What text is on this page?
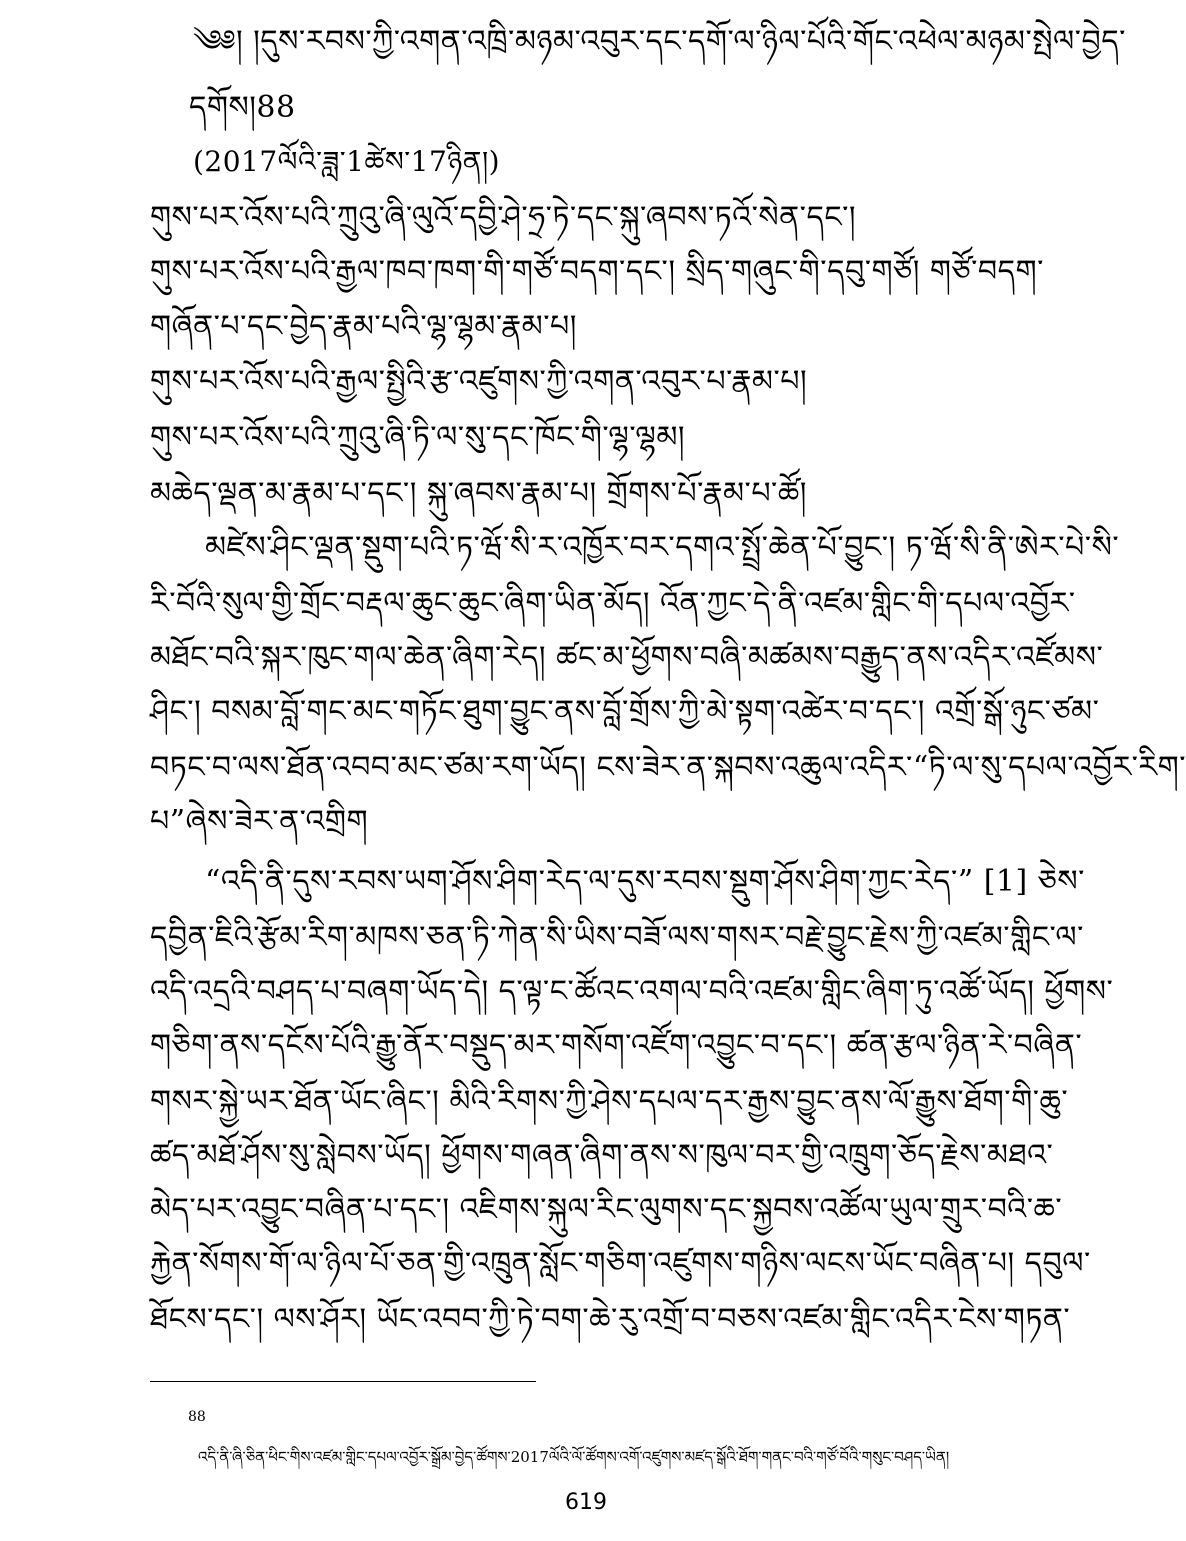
༄༅། །དུས་རབས་ཀྱི་འགན་འཁྲི་མཉམ་འབུར་དང་དགོ་ལ་ཉིལ་པོའི་གོང་འཕེལ་མཉམ་སྤེལ་བྱེད་
དགོས།88
(2017ལོའི་ཟླ་1ཚེས་17ཉིན།)
གུས་པར་འོས་པའི་ཀྲུའུ་ཞི་ལུའོ་དབྱི་ཤེ་ཧྲ་ཏེ་དང་སྐུ་ཞབས་ཏའོ་སེན་དང་།
གུས་པར་འོས་པའི་རྒྱལ་ཁབ་ཁག་གི་གཙོ་བདག་དང་། སྲིད་གཞུང་གི་དབུ་གཙོ། གཙོ་བདག་
གཞོན་པ་དང་བྱེད་རྣམ་པའི་ལྷ་ལྷམ་རྣམ་པ།
གུས་པར་འོས་པའི་རྒྱལ་སྤྱིའི་རྩ་འཛུགས་ཀྱི་འགན་འབུར་པ་རྣམ་པ།
གུས་པར་འོས་པའི་ཀྲུའུ་ཞི་ཏི་ལ་སུ་དང་ཁོང་གི་ལྷ་ལྷམ།
མཆེད་ལྡན་མ་རྣམ་པ་དང་། སྐུ་ཞབས་རྣམ་པ། གྲོགས་པོ་རྣམ་པ་ཚོ།
མཛེས་ཤིང་ལྡན་སྡུག་པའི་ཏ་ཝོ་སི་ར་འཁྱོར་བར་དགའ་སྤྲོ་ཆེན་པོ་བྱུང་། ཏ་ཝོ་སི་ནི་ཨེར་པེ་སི་
རི་བོའི་སུལ་གྱི་གྲོང་བརྡལ་ཆུང་ཆུང་ཞིག་ཡིན་མོད། འོན་ཀྱང་དེ་ནི་འཛམ་གླིང་གི་དཔལ་འབྱོར་
མཐོང་བའི་སྐར་ཁུང་གལ་ཆེན་ཞིག་རེད། ཚང་མ་ཕྱོགས་བཞི་མཚམས་བརྒྱུད་ནས་འདིར་འཛོམས་
ཤིང་། བསམ་བློ་གང་མང་གཏོང་ཐུག་བྱུང་ནས་བློ་གྲོས་ཀྱི་མེ་སྟག་འཚེར་བ་དང་། འགྲོ་སྒོ་ཉུང་ཙམ་
བཏང་བ་ལས་ཐོན་འབབ་མང་ཙམ་རག་ཡོད། ངས་ཟེར་ན་སྐབས་འཆུལ་འདིར་“ཏི་ལ་སུ་དཔལ་འབྱོར་རིག་
པ”ཞེས་ཟེར་ན་འགྲིག
“འདི་ནི་དུས་རབས་ཡག་ཤོས་ཤིག་རེད་ལ་དུས་རབས་སྡུག་ཤོས་ཤིག་ཀྱང་རེད་” [1] ཅེས་
དབྱིན་ཇིའི་རྩོམ་རིག་མཁས་ཅན་ཏི་ཀེན་སི་ཡིས་བཟོ་ལས་གསར་བརྗེ་བྱུང་རྗེས་ཀྱི་འཛམ་གླིང་ལ་
འདི་འདྲའི་བཤད་པ་བཞག་ཡོད་དེ། ད་ལྟ་ང་ཚོའང་འགལ་བའི་འཛམ་གླིང་ཞིག་ཏུ་འཚོ་ཡོད། ཕྱོགས་
གཅིག་ནས་དངོས་པོའི་རྒྱུ་ནོར་བསྡུད་མར་གསོག་འཛོག་འབྱུང་བ་དང་། ཚན་རྩལ་ཉིན་རེ་བཞིན་
གསར་སྐྱེ་ཡར་ཐོན་ཡོང་ཞིང་། མིའི་རིགས་ཀྱི་ཤེས་དཔལ་དར་རྒྱས་བྱུང་ནས་ལོ་རྒྱུས་ཐོག་གི་ཆུ་
ཚད་མཐོ་ཤོས་སུ་སླེབས་ཡོད། ཕྱོགས་གཞན་ཞིག་ནས་ས་ཁུལ་བར་གྱི་འཁྲུག་ཅོད་རྗེས་མཐའ་
མེད་པར་འབྱུང་བཞིན་པ་དང་། འཇིགས་སྐུལ་རིང་ལུགས་དང་སྐྱབས་འཚོལ་ཡུལ་གྲུར་བའི་ཆ་
རྐྱེན་སོགས་གོ་ལ་ཉིལ་པོ་ཅན་གྱི་འཁྲུན་སློང་གཅིག་འཛུགས་གཉིས་ལངས་ཡོང་བཞིན་པ། དབུལ་
ཐོངས་དང་། ལས་ཤོར། ཡོང་འབབ་ཀྱི་ཏེ་བག་ཆེ་རུ་འགྲོ་བ་བཅས་འཛམ་གླིང་འདིར་ངེས་གཏན་
88
འདི་ནི་ཞི་ཅིན་ཕིང་གིས་འཛམ་གླིང་དཔལ་འབྱོར་སྒྲོམ་བྱེད་ཚོགས་2017ལོའི་ལོ་ཚོགས་འགོ་འཛུགས་མཛད་སྒོའི་ཐོག་གནང་བའི་གཙོ་བོའི་གསུང་བཤད་ཡིན།
619
